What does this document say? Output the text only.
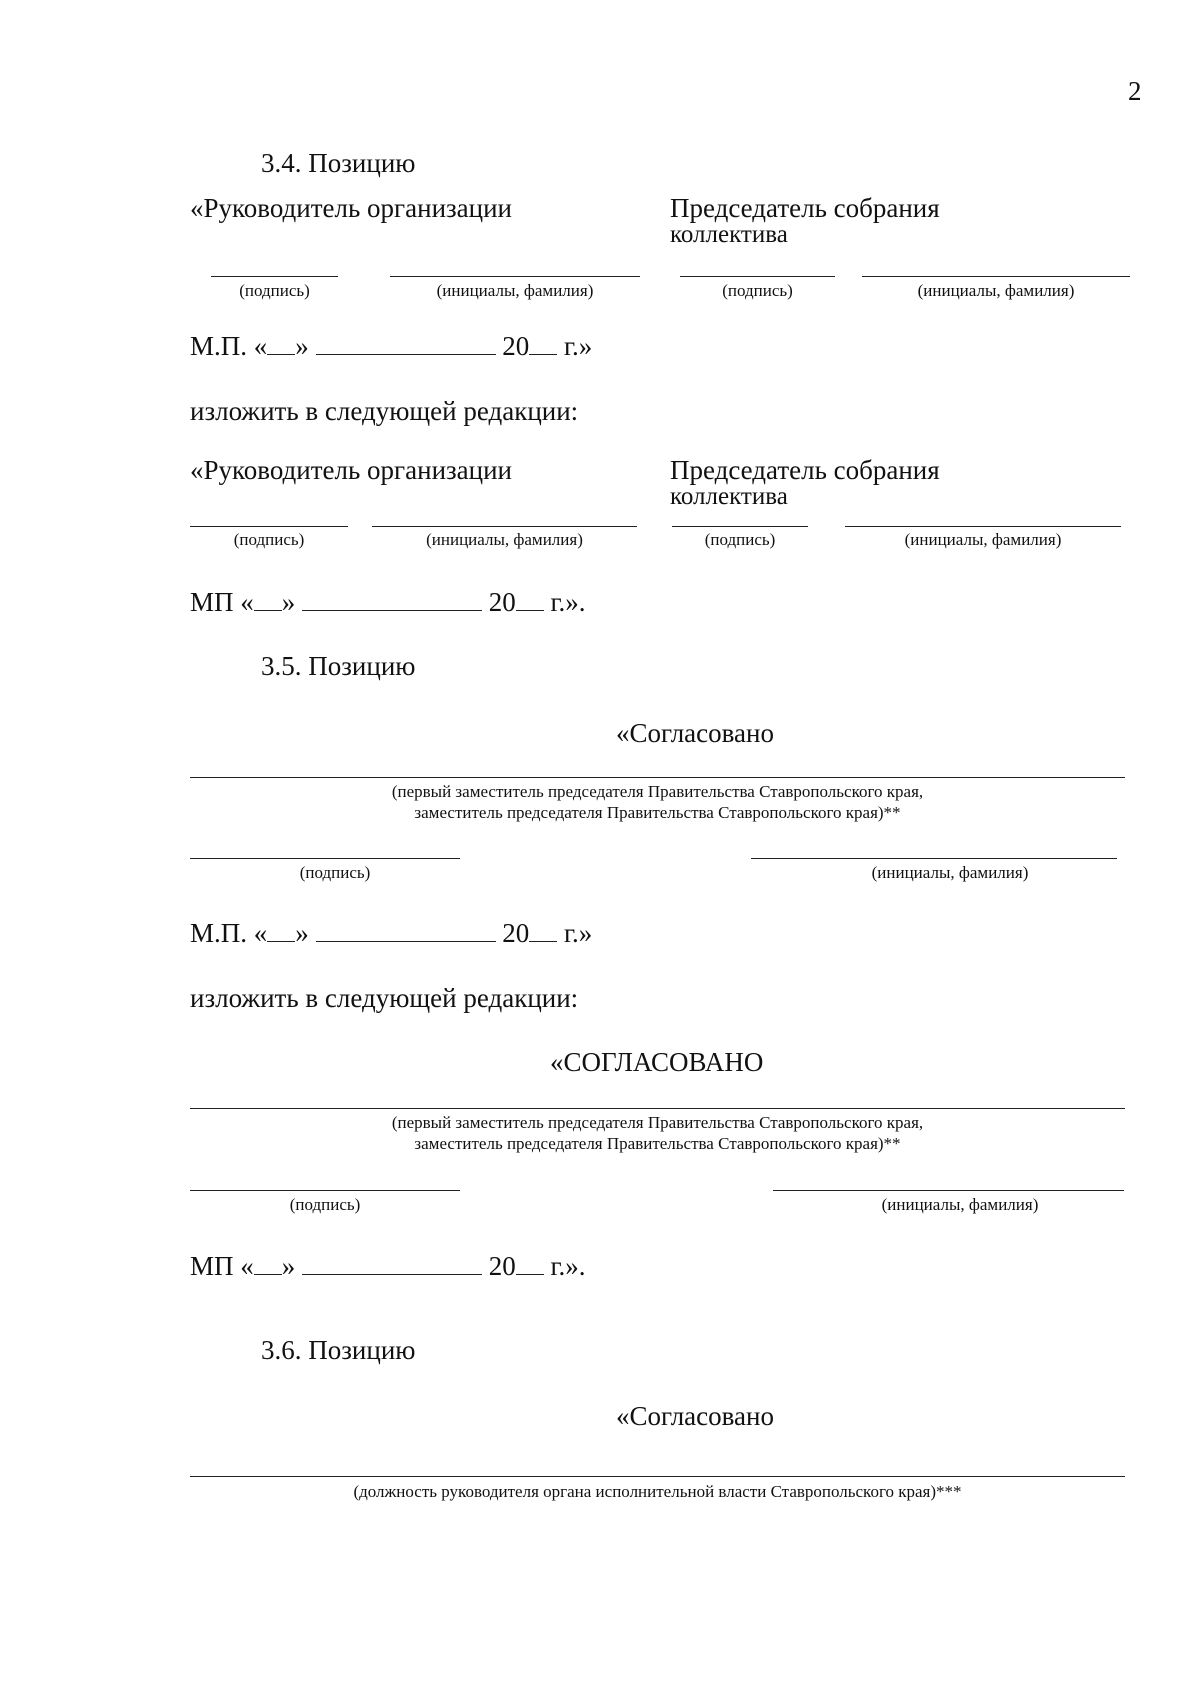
2
3.4. Позицию
«Руководитель организации	Председатель собрания
коллектива
(подпись)	(инициалы, фамилия)	(подпись)	(инициалы, фамилия)
М.П. « »	20 г.»
изложить в следующей редакции:
«Руководитель организации	Председатель собрания
коллектива
(подпись)	(инициалы, фамилия)	(подпись)	(инициалы, фамилия)
МП « »	20 г.».
3.5. Позицию
«Согласовано
(первый заместитель председателя Правительства Ставропольского края,
заместитель председателя Правительства Ставропольского края)**
(подпись)	(инициалы, фамилия)
М.П. « »	20 г.»
изложить в следующей редакции:
«СОГЛАСОВАНО
(первый заместитель председателя Правительства Ставропольского края,
заместитель председателя Правительства Ставропольского края)**
(подпись)	(инициалы, фамилия)
МП « »	20 г.».
3.6. Позицию
«Согласовано
(должность руководителя органа исполнительной власти Ставропольского края)***
